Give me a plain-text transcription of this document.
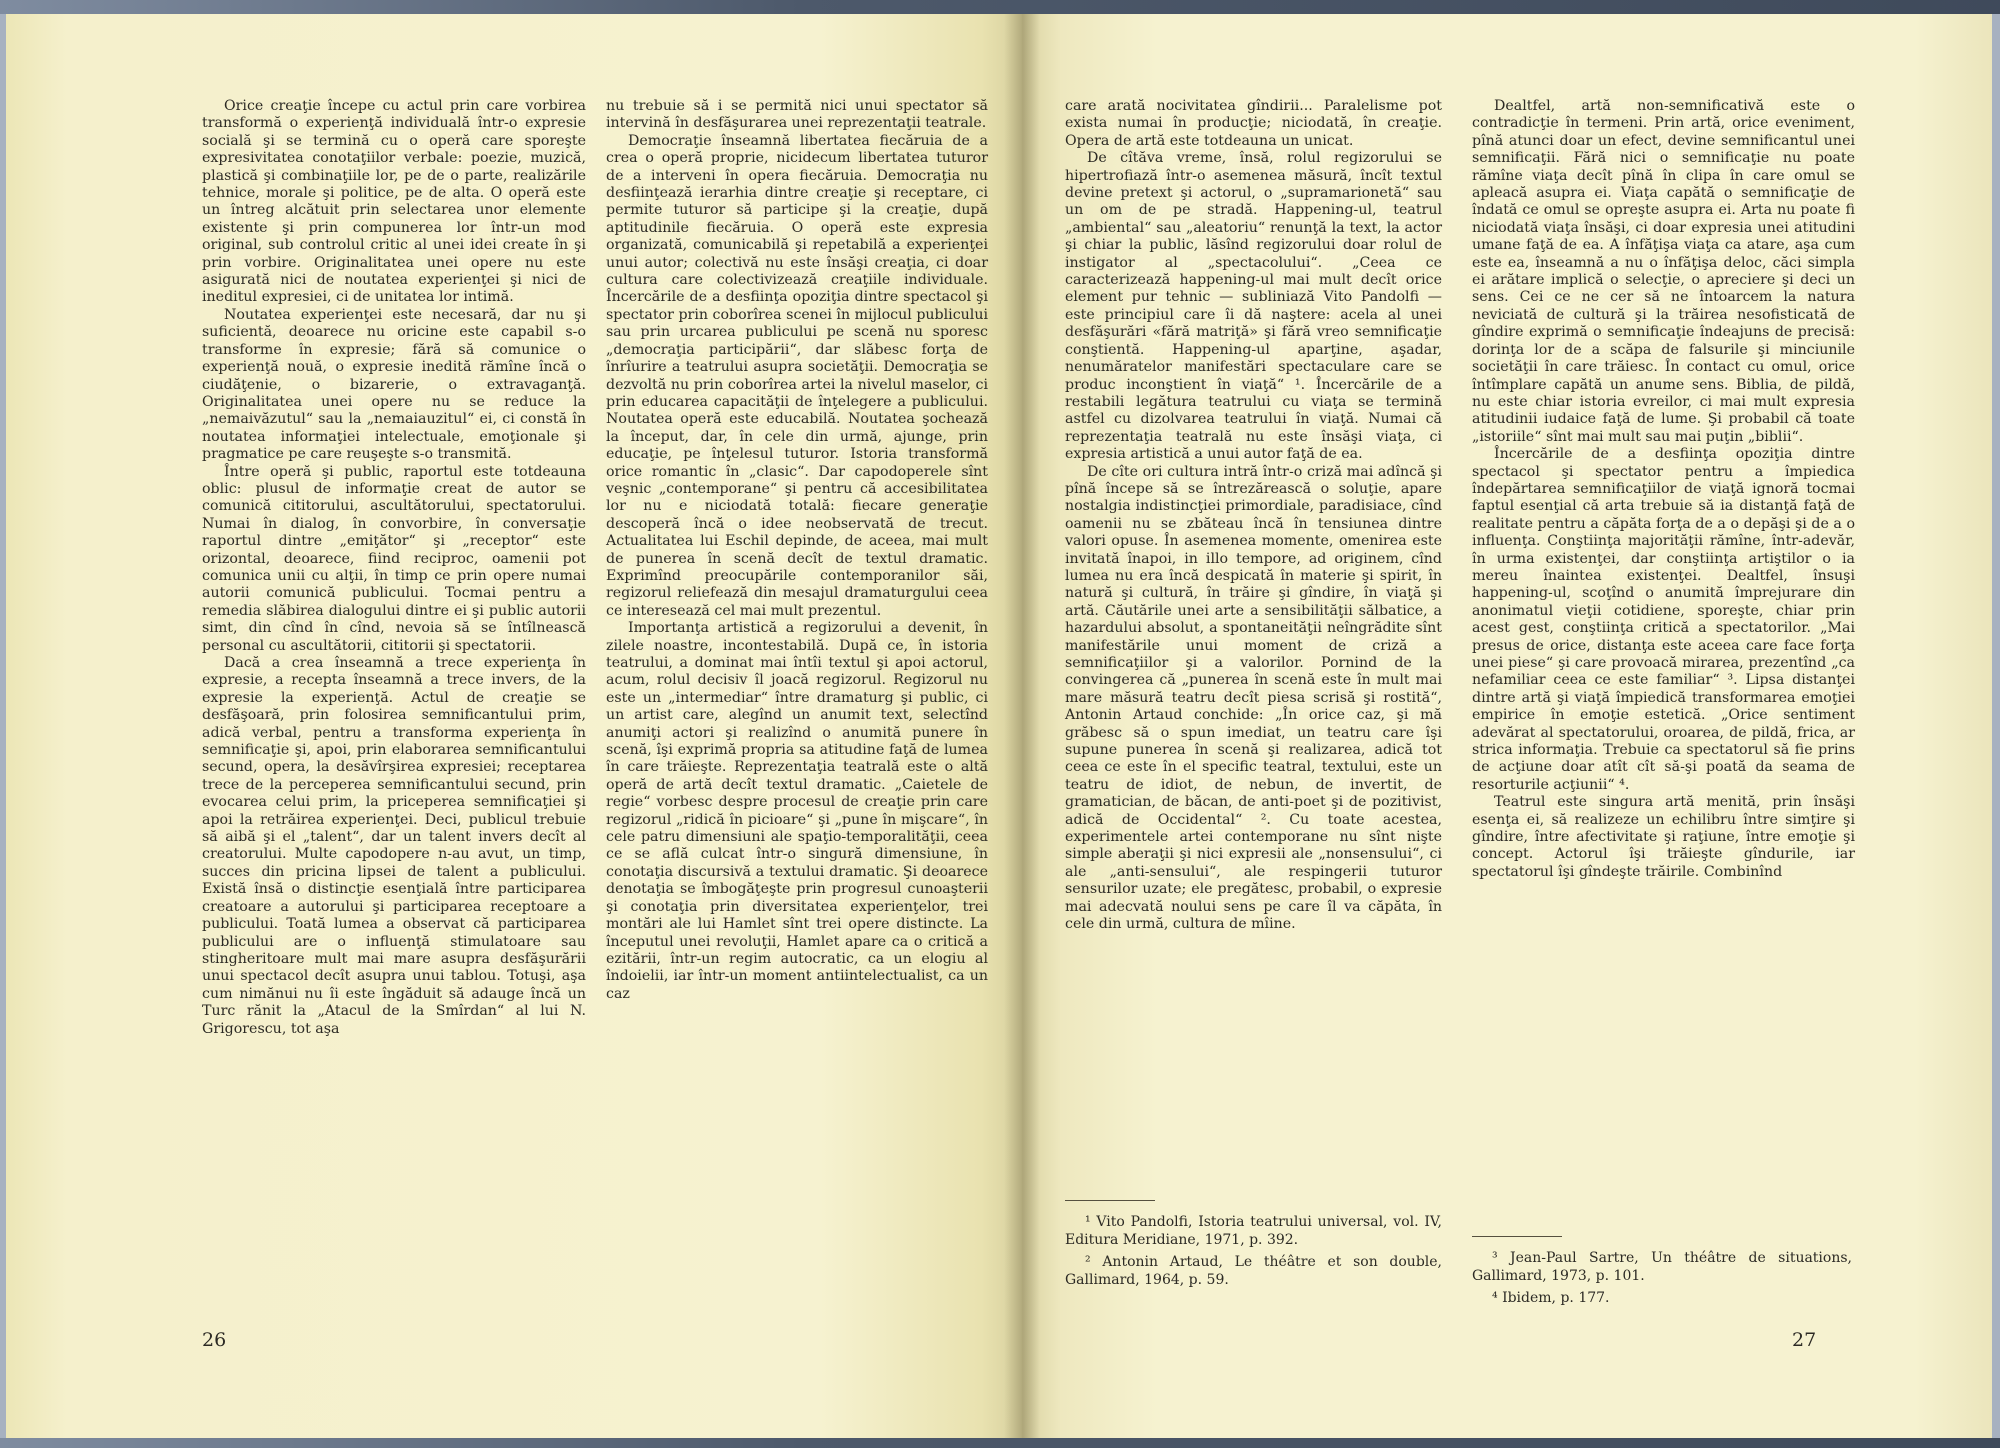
Orice creaţie începe cu actul prin care vorbirea transformă o experienţă individuală într-o expresie socială şi se termină cu o operă care sporeşte expresivitatea conotaţiilor verbale: poezie, muzică, plastică şi combinaţiile lor, pe de o parte, realizările tehnice, morale şi politice, pe de alta. O operă este un întreg alcătuit prin selectarea unor elemente existente şi prin compunerea lor într-un mod original, sub controlul critic al unei idei create în şi prin vorbire. Originalitatea unei opere nu este asigurată nici de noutatea experienţei şi nici de ineditul expresiei, ci de unitatea lor intimă.

Noutatea experienţei este necesară, dar nu şi suficientă, deoarece nu oricine este capabil s-o transforme în expresie; fără să comunice o experienţă nouă, o expresie inedită rămîne încă o ciudăţenie, o bizarerie, o extravaganţă. Originalitatea unei opere nu se reduce la „nemaivăzutul“ sau la „nemaiauzitul“ ei, ci constă în noutatea informaţiei intelectuale, emoţionale şi pragmatice pe care reuşeşte s-o transmită.

Între operă şi public, raportul este totdeauna oblic: plusul de informaţie creat de autor se comunică cititorului, ascultătorului, spectatorului. Numai în dialog, în convorbire, în conversaţie raportul dintre „emiţător“ şi „receptor“ este orizontal, deoarece, fiind reciproc, oamenii pot comunica unii cu alţii, în timp ce prin opere numai autorii comunică publicului. Tocmai pentru a remedia slăbirea dialogului dintre ei şi public autorii simt, din cînd în cînd, nevoia să se întîlnească personal cu ascultătorii, cititorii şi spectatorii.

Dacă a crea înseamnă a trece experienţa în expresie, a recepta înseamnă a trece invers, de la expresie la experienţă. Actul de creaţie se desfăşoară, prin folosirea semnificantului prim, adică verbal, pentru a transforma experienţa în semnificaţie şi, apoi, prin elaborarea semnificantului secund, opera, la desăvîrşirea expresiei; receptarea trece de la perceperea semnificantului secund, prin evocarea celui prim, la priceperea semnificaţiei şi apoi la retrăirea experienţei. Deci, publicul trebuie să aibă şi el „talent“, dar un talent invers decît al creatorului. Multe capodopere n-au avut, un timp, succes din pricina lipsei de talent a publicului. Există însă o distincţie esenţială între participarea creatoare a autorului şi participarea receptoare a publicului. Toată lumea a observat că participarea publicului are o influenţă stimulatoare sau stingheritoare mult mai mare asupra desfăşurării unui spectacol decît asupra unui tablou. Totuşi, aşa cum nimănui nu îi este îngăduit să adauge încă un Turc rănit la „Atacul de la Smîrdan“ al lui N. Grigorescu, tot aşa

nu trebuie să i se permită nici unui spectator să intervină în desfăşurarea unei reprezentaţii teatrale.

Democraţie înseamnă libertatea fiecăruia de a crea o operă proprie, nicidecum libertatea tuturor de a interveni în opera fiecăruia. Democraţia nu desfiinţează ierarhia dintre creaţie şi receptare, ci permite tuturor să participe şi la creaţie, după aptitudinile fiecăruia. O operă este expresia organizată, comunicabilă şi repetabilă a experienţei unui autor; colectivă nu este însăşi creaţia, ci doar cultura care colectivizează creaţiile individuale. Încercările de a desfiinţa opoziţia dintre spectacol şi spectator prin coborîrea scenei în mijlocul publicului sau prin urcarea publicului pe scenă nu sporesc „democraţia participării“, dar slăbesc forţa de înrîurire a teatrului asupra societăţii. Democraţia se dezvoltă nu prin coborîrea artei la nivelul maselor, ci prin educarea capacităţii de înţelegere a publicului. Noutatea operă este educabilă. Noutatea şochează la început, dar, în cele din urmă, ajunge, prin educaţie, pe înţelesul tuturor. Istoria transformă orice romantic în „clasic“. Dar capodoperele sînt veşnic „contemporane“ şi pentru că accesibilitatea lor nu e niciodată totală: fiecare generaţie descoperă încă o idee neobservată de trecut. Actualitatea lui Eschil depinde, de aceea, mai mult de punerea în scenă decît de textul dramatic. Exprimînd preocupările contemporanilor săi, regizorul reliefează din mesajul dramaturgului ceea ce interesează cel mai mult prezentul.

Importanţa artistică a regizorului a devenit, în zilele noastre, incontestabilă. După ce, în istoria teatrului, a dominat mai întîi textul şi apoi actorul, acum, rolul decisiv îl joacă regizorul. Regizorul nu este un „intermediar“ între dramaturg şi public, ci un artist care, alegînd un anumit text, selectînd anumiţi actori şi realizînd o anumită punere în scenă, îşi exprimă propria sa atitudine faţă de lumea în care trăieşte. Reprezentaţia teatrală este o altă operă de artă decît textul dramatic. „Caietele de regie“ vorbesc despre procesul de creaţie prin care regizorul „ridică în picioare“ şi „pune în mişcare“, în cele patru dimensiuni ale spaţio-temporalităţii, ceea ce se află culcat într-o singură dimensiune, în conotaţia discursivă a textului dramatic. Şi deoarece denotaţia se îmbogăţeşte prin progresul cunoaşterii şi conotaţia prin diversitatea experienţelor, trei montări ale lui Hamlet sînt trei opere distincte. La începutul unei revoluţii, Hamlet apare ca o critică a ezitării, într-un regim autocratic, ca un elogiu al îndoielii, iar într-un moment antiintelectualist, ca un caz

26

care arată nocivitatea gîndirii... Paralelisme pot exista numai în producţie; niciodată, în creaţie. Opera de artă este totdeauna un unicat.

De cîtăva vreme, însă, rolul regizorului se hipertrofiază într-o asemenea măsură, încît textul devine pretext şi actorul, o „supramarionetă“ sau un om de pe stradă. Happening-ul, teatrul „ambiental“ sau „aleatoriu“ renunţă la text, la actor şi chiar la public, lăsînd regizorului doar rolul de instigator al „spectacolului“. „Ceea ce caracterizează happening-ul mai mult decît orice element pur tehnic — subliniază Vito Pandolfi — este principiul care îi dă naştere: acela al unei desfăşurări «fără matriţă» şi fără vreo semnificaţie conştientă. Happening-ul aparţine, aşadar, nenumăratelor manifestări spectaculare care se produc inconştient în viaţă“ ¹. Încercările de a restabili legătura teatrului cu viaţa se termină astfel cu dizolvarea teatrului în viaţă. Numai că reprezentaţia teatrală nu este însăşi viaţa, ci expresia artistică a unui autor faţă de ea.

De cîte ori cultura intră într-o criză mai adîncă şi pînă începe să se întrezărească o soluţie, apare nostalgia indistincţiei primordiale, paradisiace, cînd oamenii nu se zbăteau încă în tensiunea dintre valori opuse. În asemenea momente, omenirea este invitată înapoi, in illo tempore, ad originem, cînd lumea nu era încă despicată în materie şi spirit, în natură şi cultură, în trăire şi gîndire, în viaţă şi artă. Căutările unei arte a sensibilităţii sălbatice, a hazardului absolut, a spontaneităţii neîngrădite sînt manifestările unui moment de criză a semnificaţiilor şi a valorilor. Pornind de la convingerea că „punerea în scenă este în mult mai mare măsură teatru decît piesa scrisă şi rostită“, Antonin Artaud conchide: „În orice caz, şi mă grăbesc să o spun imediat, un teatru care îşi supune punerea în scenă şi realizarea, adică tot ceea ce este în el specific teatral, textului, este un teatru de idiot, de nebun, de invertit, de gramatician, de băcan, de anti-poet şi de pozitivist, adică de Occidental“ ². Cu toate acestea, experimentele artei contemporane nu sînt nişte simple aberaţii şi nici expresii ale „nonsensului“, ci ale „anti-sensului“, ale respingerii tuturor sensurilor uzate; ele pregătesc, probabil, o expresie mai adecvată noului sens pe care îl va căpăta, în cele din urmă, cultura de mîine.

Dealtfel, artă non-semnificativă este o contradicţie în termeni. Prin artă, orice eveniment, pînă atunci doar un efect, devine semnificantul unei semnificaţii. Fără nici o semnificaţie nu poate rămîne viaţa decît pînă în clipa în care omul se apleacă asupra ei. Viaţa capătă o semnificaţie de îndată ce omul se opreşte asupra ei. Arta nu poate fi niciodată viaţa însăşi, ci doar expresia unei atitudini umane faţă de ea. A înfăţişa viaţa ca atare, aşa cum este ea, înseamnă a nu o înfăţişa deloc, căci simpla ei arătare implică o selecţie, o apreciere şi deci un sens. Cei ce ne cer să ne întoarcem la natura neviciată de cultură şi la trăirea nesofisticată de gîndire exprimă o semnificaţie îndeajuns de precisă: dorinţa lor de a scăpa de falsurile şi minciunile societăţii în care trăiesc. În contact cu omul, orice întîmplare capătă un anume sens. Biblia, de pildă, nu este chiar istoria evreilor, ci mai mult expresia atitudinii iudaice faţă de lume. Şi probabil că toate „istoriile“ sînt mai mult sau mai puţin „biblii“.

Încercările de a desfiinţa opoziţia dintre spectacol şi spectator pentru a împiedica îndepărtarea semnificaţiilor de viaţă ignoră tocmai faptul esenţial că arta trebuie să ia distanţă faţă de realitate pentru a căpăta forţa de a o depăşi şi de a o influenţa. Conştiinţa majorităţii rămîne, într-adevăr, în urma existenţei, dar conştiinţa artiştilor o ia mereu înaintea existenţei. Dealtfel, însuşi happening-ul, scoţînd o anumită împrejurare din anonimatul vieţii cotidiene, sporeşte, chiar prin acest gest, conştiinţa critică a spectatorilor. „Mai presus de orice, distanţa este aceea care face forţa unei piese“ şi care provoacă mirarea, prezentînd „ca nefamiliar ceea ce este familiar“ ³. Lipsa distanţei dintre artă şi viaţă împiedică transformarea emoţiei empirice în emoţie estetică. „Orice sentiment adevărat al spectatorului, oroarea, de pildă, frica, ar strica informaţia. Trebuie ca spectatorul să fie prins de acţiune doar atît cît să-şi poată da seama de resorturile acţiunii“ ⁴.

Teatrul este singura artă menită, prin însăşi esenţa ei, să realizeze un echilibru între simţire şi gîndire, între afectivitate şi raţiune, între emoţie şi concept. Actorul îşi trăieşte gîndurile, iar spectatorul îşi gîndeşte trăirile. Combinînd

¹ Vito Pandolfi, Istoria teatrului universal, vol. IV, Editura Meridiane, 1971, p. 392.

² Antonin Artaud, Le théâtre et son double, Gallimard, 1964, p. 59.

³ Jean-Paul Sartre, Un théâtre de situations, Gallimard, 1973, p. 101.

⁴ Ibidem, p. 177.

27
